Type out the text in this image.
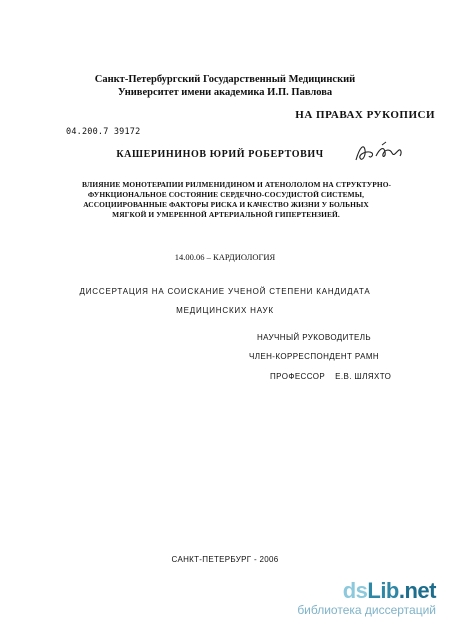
Санкт-Петербургский Государственный Медицинский
Университет имени академика И.П. Павлова
НА ПРАВАХ РУКОПИСИ
04.200.7 39172
КАШЕРИНИНОВ ЮРИЙ РОБЕРТОВИЧ
ВЛИЯНИЕ МОНОТЕРАПИИ РИЛМЕНИДИНОМ И АТЕНОЛОЛОМ НА СТРУКТУРНО-
ФУНКЦИОНАЛЬНОЕ СОСТОЯНИЕ СЕРДЕЧНО-СОСУДИСТОЙ СИСТЕМЫ,
АССОЦИИРОВАННЫЕ ФАКТОРЫ РИСКА И КАЧЕСТВО ЖИЗНИ У БОЛЬНЫХ
МЯГКОЙ И УМЕРЕННОЙ АРТЕРИАЛЬНОЙ ГИПЕРТЕНЗИЕЙ.
14.00.06 – КАРДИОЛОГИЯ
ДИССЕРТАЦИЯ НА СОИСКАНИЕ УЧЕНОЙ СТЕПЕНИ КАНДИДАТА
МЕДИЦИНСКИХ НАУК
НАУЧНЫЙ РУКОВОДИТЕЛЬ
ЧЛЕН-КОРРЕСПОНДЕНТ РАМН
ПРОФЕССОР Е.В. ШЛЯХТО
САНКТ-ПЕТЕРБУРГ - 2006
dsLib.net
библиотека диссертаций
